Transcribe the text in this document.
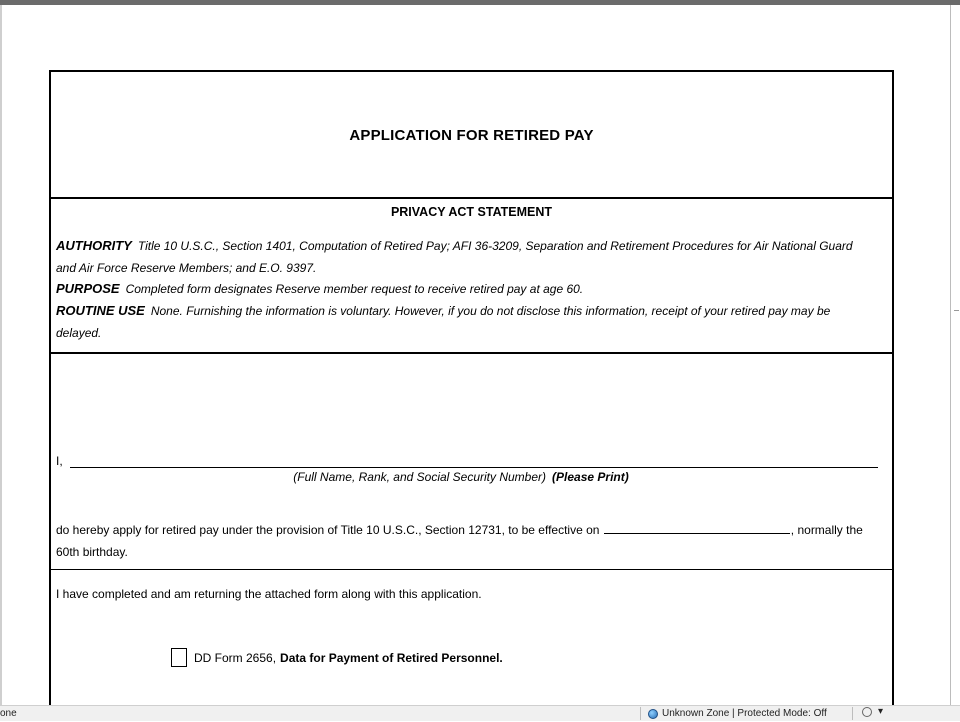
APPLICATION FOR RETIRED PAY
PRIVACY ACT STATEMENT
AUTHORITY Title 10 U.S.C., Section 1401, Computation of Retired Pay; AFI 36-3209, Separation and Retirement Procedures for Air National Guard and Air Force Reserve Members; and E.O. 9397.
PURPOSE Completed form designates Reserve member request to receive retired pay at age 60.
ROUTINE USE None. Furnishing the information is voluntary. However, if you do not disclose this information, receipt of your retired pay may be delayed.
I,
(Full Name, Rank, and Social Security Number) (Please Print)
do hereby apply for retired pay under the provision of Title 10 U.S.C., Section 12731, to be effective on	, normally the 60th birthday.
I have completed and am returning the attached form along with this application.
DD Form 2656, Data for Payment of Retired Personnel.
one	Unknown Zone | Protected Mode: Off	▾
